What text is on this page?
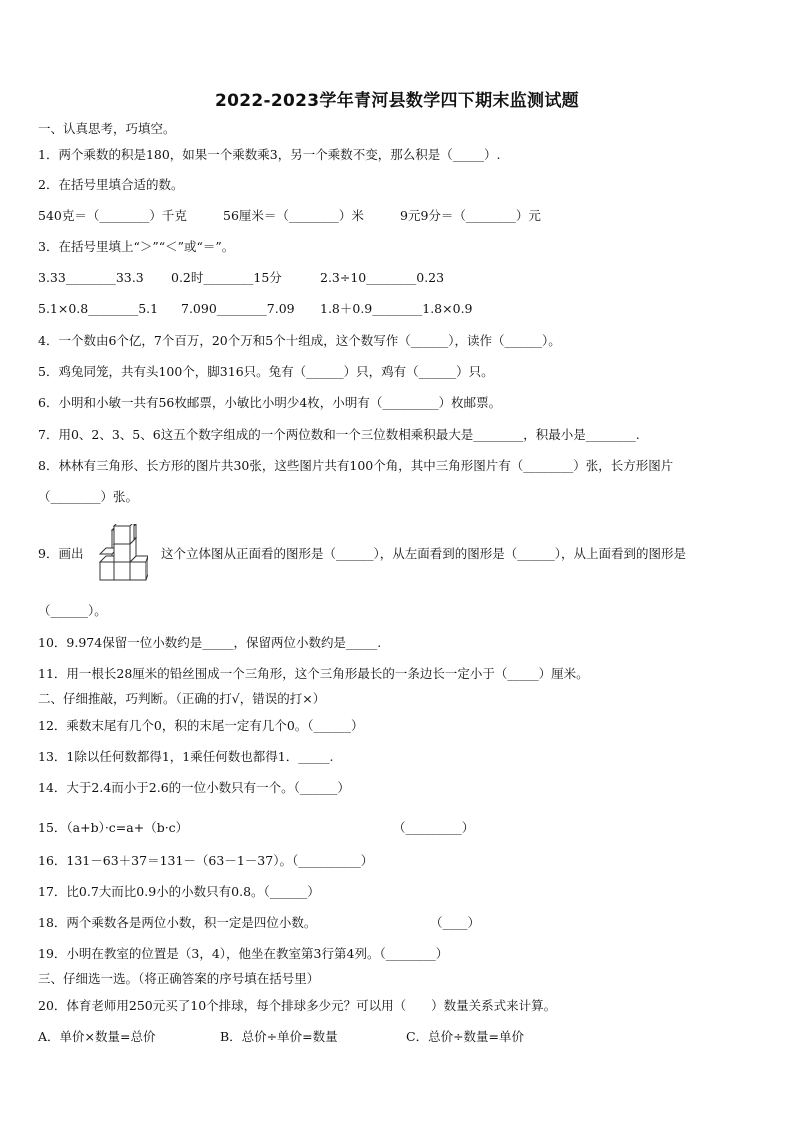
2022-2023学年青河县数学四下期末监测试题
一、认真思考，巧填空。
1．两个乘数的积是180，如果一个乘数乘3，另一个乘数不变，那么积是（_____）.
2．在括号里填合适的数。
540克＝（________）千克	56厘米＝（________）米	9元9分＝（________）元
3．在括号里填上“＞”“＜”或“＝”。
3.33________33.3 0.2时________15分	2.3÷10________0.23
5.1×0.8________5.1 7.090________7.09 1.8＋0.9________1.8×0.9
4．一个数由6个亿，7个百万，20个万和5个十组成，这个数写作（______），读作（______）。
5．鸡兔同笼，共有头100个，脚316只。兔有（______）只，鸡有（______）只。
6．小明和小敏一共有56枚邮票，小敏比小明少4枚，小明有（_________）枚邮票。
7．用0、2、3、5、6这五个数字组成的一个两位数和一个三位数相乘积最大是________，积最小是________.
8．林林有三角形、长方形的图片共30张，这些图片共有100个角，其中三角形图片有（________）张，长方形图片
（________）张。
9．画出	这个立体图从正面看的图形是（______），从左面看到的图形是（______），从上面看到的图形是
（______）。
10．9.974保留一位小数约是_____，保留两位小数约是_____.
11．用一根长28厘米的铅丝围成一个三角形，这个三角形最长的一条边长一定小于（_____）厘米。
二、仔细推敲，巧判断。（正确的打√，错误的打×）
12．乘数末尾有几个0，积的末尾一定有几个0。（______）
13．1除以任何数都得1，1乘任何数也都得1．_____.
14．大于2.4而小于2.6的一位小数只有一个。（______）
15．（a+b）·c=a+（b·c）	（_________）
16．131－63＋37＝131－（63－1－37）。（__________）
17．比0.7大而比0.9小的小数只有0.8。（______）
18．两个乘数各是两位小数，积一定是四位小数。	（____）
19．小明在教室的位置是（3，4），他坐在教室第3行第4列。（________）
三、仔细选一选。（将正确答案的序号填在括号里）
20．体育老师用250元买了10个排球，每个排球多少元？可以用（　　）数量关系式来计算。
A．单价×数量=总价	B．总价÷单价=数量	C．总价÷数量=单价
